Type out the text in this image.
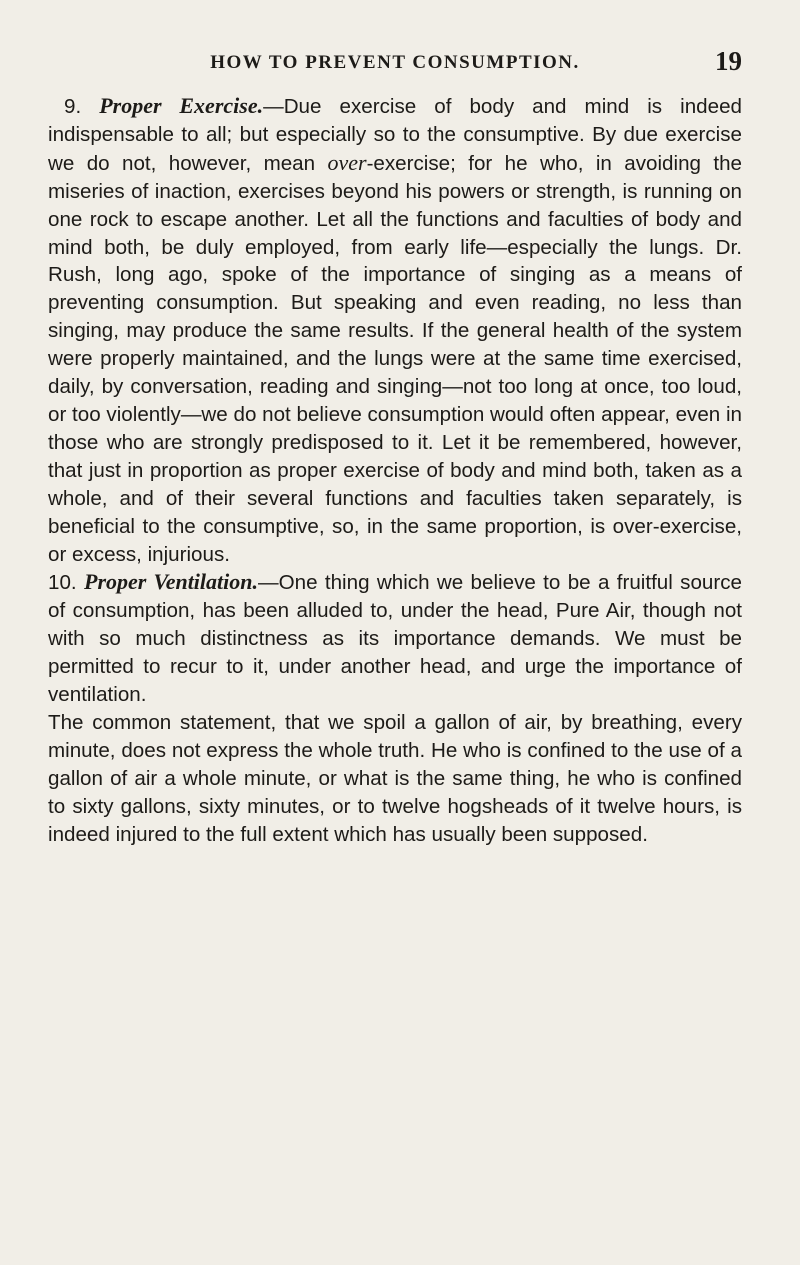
HOW TO PREVENT CONSUMPTION.	19

9. Proper Exercise.—Due exercise of body and mind is indeed indispensable to all; but especially so to the consumptive. By due exercise we do not, however, mean over-exercise; for he who, in avoiding the miseries of inaction, exercises beyond his powers or strength, is running on one rock to escape another. Let all the functions and faculties of body and mind both, be duly employed, from early life—especially the lungs. Dr. Rush, long ago, spoke of the importance of singing as a means of preventing consumption. But speaking and even reading, no less than singing, may produce the same results. If the general health of the system were properly maintained, and the lungs were at the same time exercised, daily, by conversation, reading and singing—not too long at once, too loud, or too violently—we do not believe consumption would often appear, even in those who are strongly predisposed to it. Let it be remembered, however, that just in proportion as proper exercise of body and mind both, taken as a whole, and of their several functions and faculties taken separately, is beneficial to the consumptive, so, in the same proportion, is over-exercise, or excess, injurious.

10. Proper Ventilation.—One thing which we believe to be a fruitful source of consumption, has been alluded to, under the head, Pure Air, though not with so much distinctness as its importance demands. We must be permitted to recur to it, under another head, and urge the importance of ventilation.

The common statement, that we spoil a gallon of air, by breathing, every minute, does not express the whole truth. He who is confined to the use of a gallon of air a whole minute, or what is the same thing, he who is confined to sixty gallons, sixty minutes, or to twelve hogsheads of it twelve hours, is indeed injured to the full extent which has usually been supposed.
